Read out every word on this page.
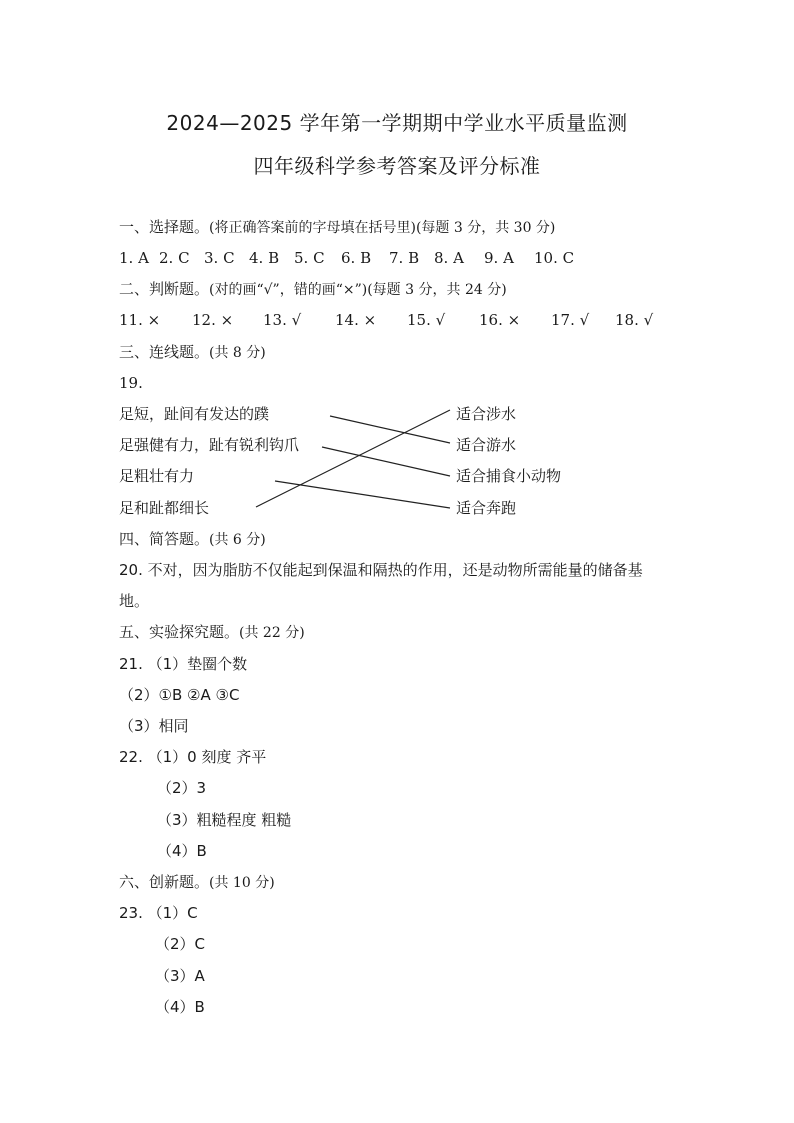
2024—2025 学年第一学期期中学业水平质量监测
四年级科学参考答案及评分标准
一、选择题。(将正确答案前的字母填在括号里)(每题 3 分，共 30 分)
1. A 2. C 3. C 4. B 5. C 6. B 7. B 8. A 9. A 10. C
二、判断题。(对的画“√”，错的画“×”)(每题 3 分，共 24 分)
11. × 12. × 13. √ 14. × 15. √ 16. × 17. √ 18. √
三、连线题。(共 8 分)
19.
足短，趾间有发达的蹼
足强健有力，趾有锐利钩爪
足粗壮有力
足和趾都细长
适合涉水
适合游水
适合捕食小动物
适合奔跑
四、简答题。(共 6 分)
20. 不对，因为脂肪不仅能起到保温和隔热的作用，还是动物所需能量的储备基
地。
五、实验探究题。(共 22 分)
21. （1）垫圈个数
（2）①B ②A ③C
（3）相同
22. （1）0 刻度 齐平
（2）3
（3）粗糙程度 粗糙
（4）B
六、创新题。(共 10 分)
23. （1）C
（2）C
（3）A
（4）B
